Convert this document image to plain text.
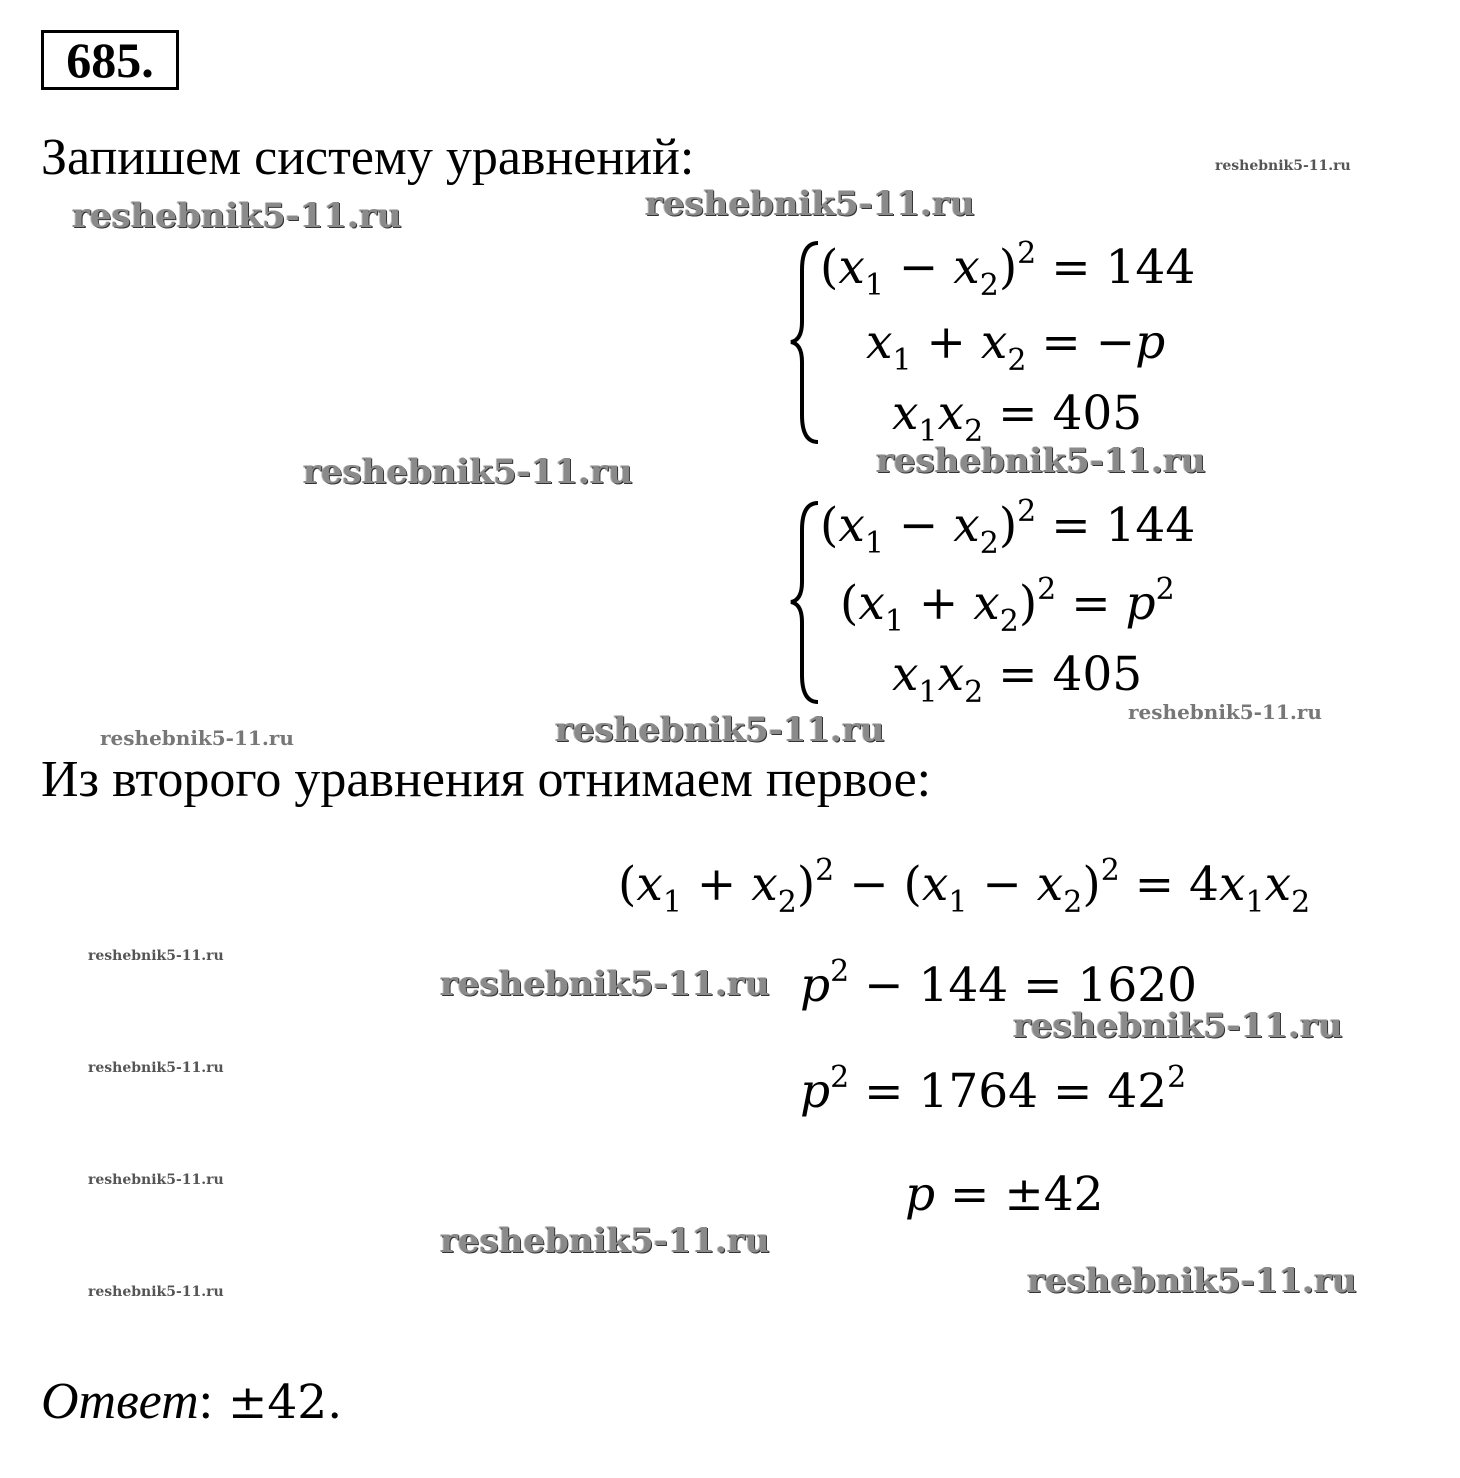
685.
Запишем систему уравнений:
$(x_1 - x_2)^2 = 144$
$x_1 + x_2 = -p$
$x_1x_2 = 405$
$(x_1 - x_2)^2 = 144$
$(x_1 + x_2)^2 = p^2$
$x_1x_2 = 405$
Из второго уравнения отнимаем первое:
$(x_1 + x_2)^2 - (x_1 - x_2)^2 = 4x_1x_2$
$p^2 - 144 = 1620$
$p^2 = 1764 = 42^2$
p = ±42
Ответ: ±42.
reshebnik5-11.ru
reshebnik5-11.ru	reshebnik5-11.ru
reshebnik5-11.ru	reshebnik5-11.ru
reshebnik5-11.ru
reshebnik5-11.ru
reshebnik5-11.ru
reshebnik5-11.ru
reshebnik5-11.ru
reshebnik5-11.ru
reshebnik5-11.ru
reshebnik5-11.ru
reshebnik5-11.ru
reshebnik5-11.ru
reshebnik5-11.ru
